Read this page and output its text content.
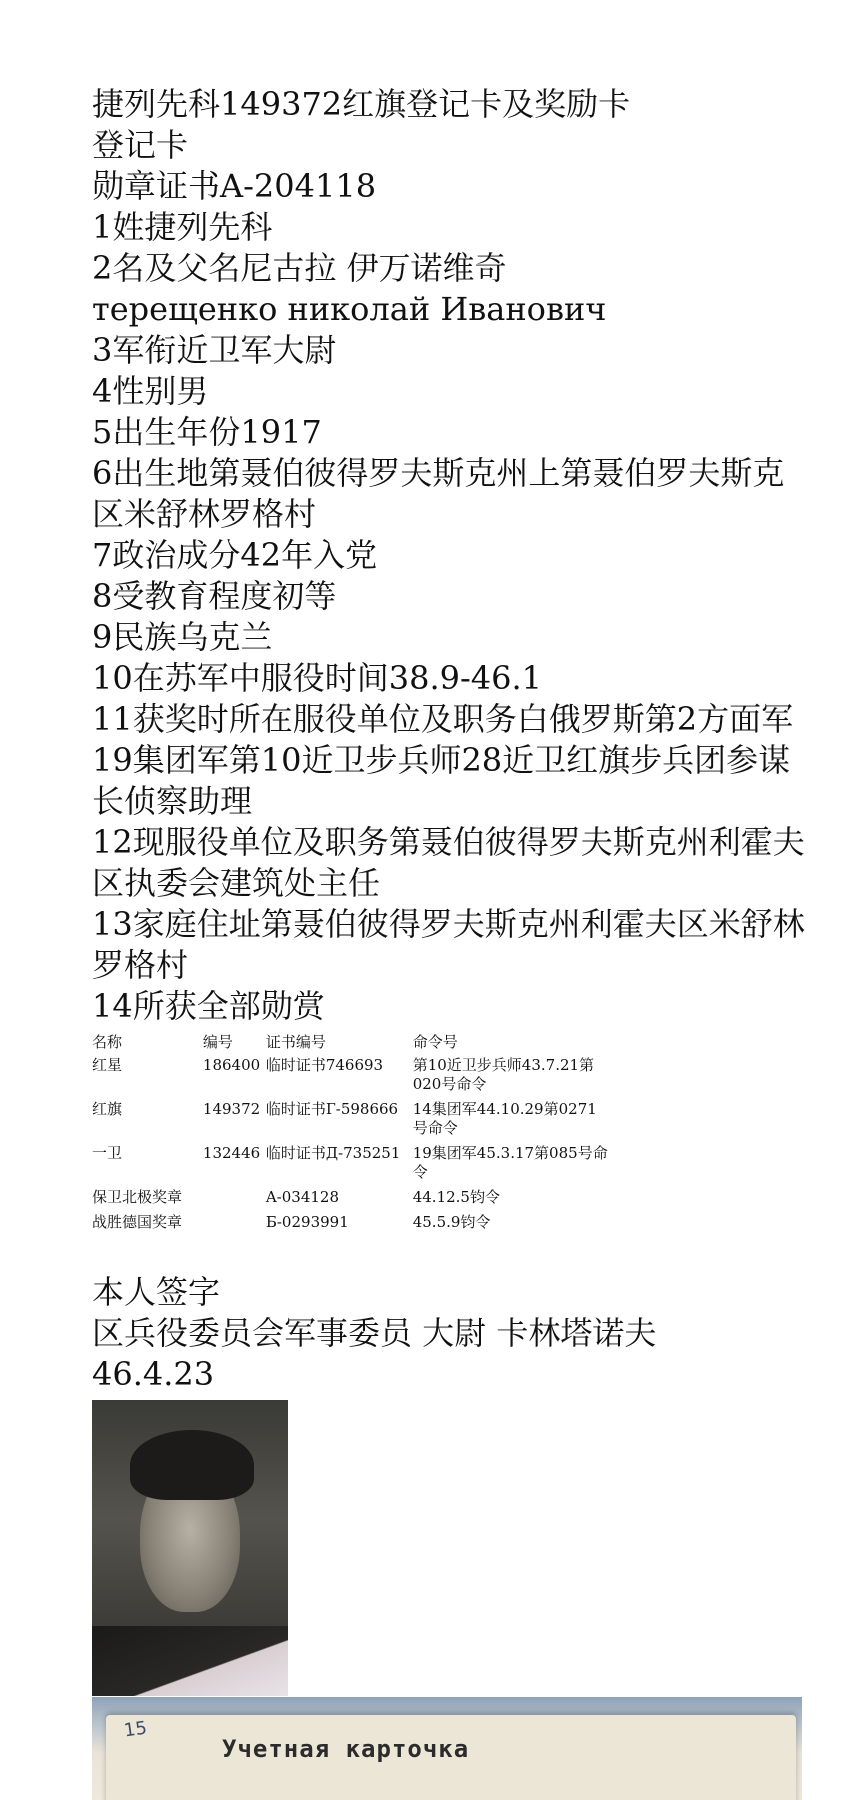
捷列先科149372红旗登记卡及奖励卡

登记卡

勋章证书A-204118

1姓捷列先科

2名及父名尼古拉 伊万诺维奇

терещенко николай Иванович

3军衔近卫军大尉

4性别男

5出生年份1917

6出生地第聂伯彼得罗夫斯克州上第聂伯罗夫斯克区米舒林罗格村

7政治成分42年入党

8受教育程度初等

9民族乌克兰

10在苏军中服役时间38.9-46.1

11获奖时所在服役单位及职务白俄罗斯第2方面军19集团军第10近卫步兵师28近卫红旗步兵团参谋长侦察助理

12现服役单位及职务第聂伯彼得罗夫斯克州利霍夫区执委会建筑处主任

13家庭住址第聂伯彼得罗夫斯克州利霍夫区米舒林罗格村

14所获全部勋赏

名称	编号	证书编号	命令号
红星	186400	临时证书746693	第10近卫步兵师43.7.21第020号命令
红旗	149372	临时证书Г-598666	14集团军44.10.29第0271号命令
一卫	132446	临时证书Д-735251	19集团军45.3.17第085号命令
保卫北极奖章		A-034128	44.12.5钧令
战胜德国奖章		Б-0293991	45.5.9钧令

本人签字

区兵役委员会军事委员 大尉 卡林塔诺夫

46.4.23

15
Учетная карточка
